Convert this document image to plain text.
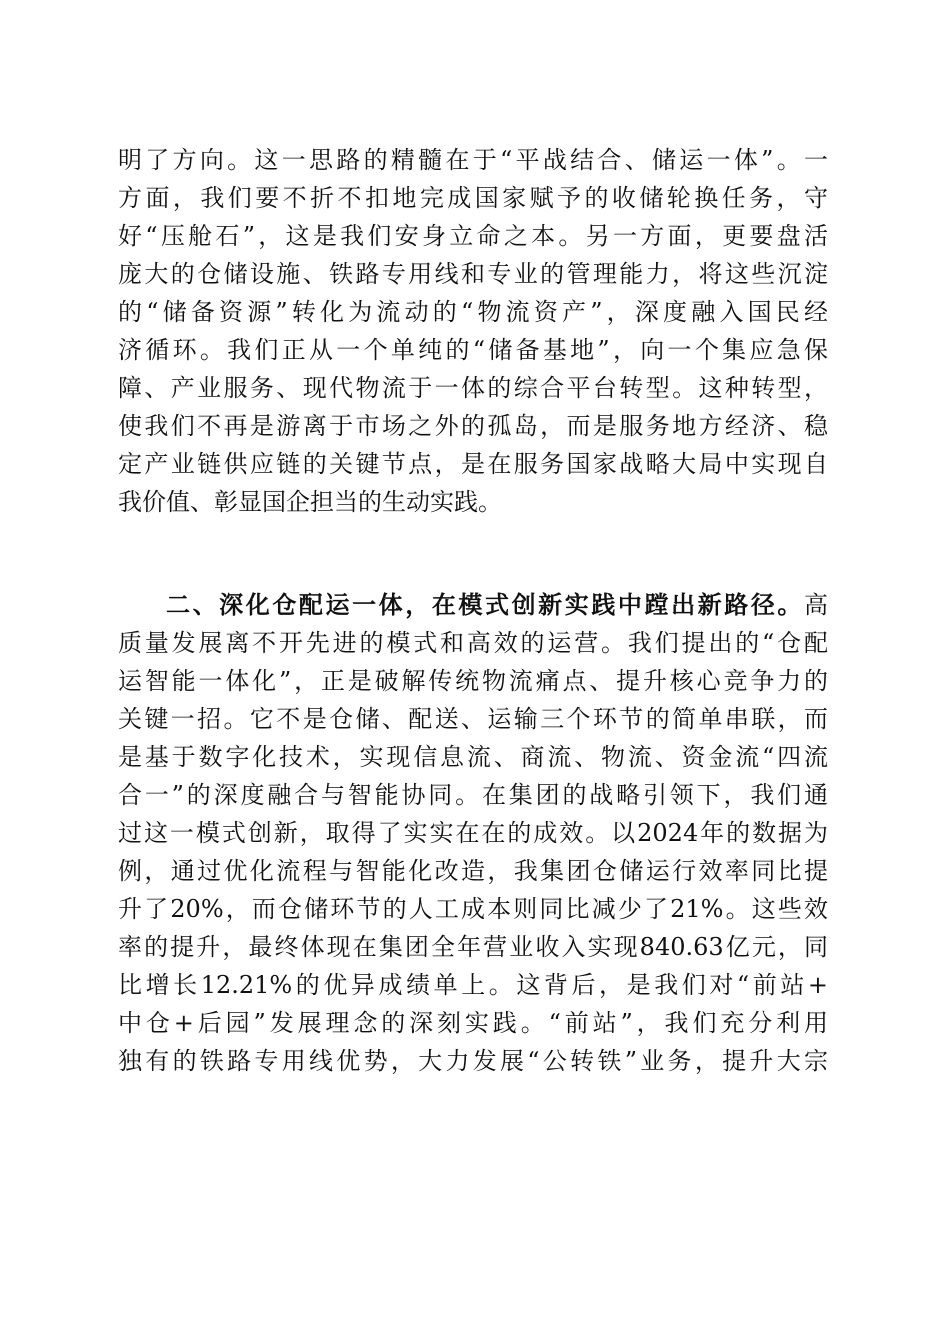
明了方向。这一思路的精髓在于“平战结合、储运一体”。一
方面，我们要不折不扣地完成国家赋予的收储轮换任务，守
好“压舱石”，这是我们安身立命之本。另一方面，更要盘活
庞大的仓储设施、铁路专用线和专业的管理能力，将这些沉淀
的“储备资源”转化为流动的“物流资产”，深度融入国民经
济循环。我们正从一个单纯的“储备基地”，向一个集应急保
障、产业服务、现代物流于一体的综合平台转型。这种转型，
使我们不再是游离于市场之外的孤岛，而是服务地方经济、稳
定产业链供应链的关键节点，是在服务国家战略大局中实现自
我价值、彰显国企担当的生动实践。
二、深化仓配运一体，在模式创新实践中蹚出新路径。高
质量发展离不开先进的模式和高效的运营。我们提出的“仓配
运智能一体化”，正是破解传统物流痛点、提升核心竞争力的
关键一招。它不是仓储、配送、运输三个环节的简单串联，而
是基于数字化技术，实现信息流、商流、物流、资金流“四流
合一”的深度融合与智能协同。在集团的战略引领下，我们通
过这一模式创新，取得了实实在在的成效。以2024年的数据为
例，通过优化流程与智能化改造，我集团仓储运行效率同比提
升了20%，而仓储环节的人工成本则同比减少了21%。这些效
率的提升，最终体现在集团全年营业收入实现840.63亿元，同
比增长12.21%的优异成绩单上。这背后，是我们对“前站+
中仓+后园”发展理念的深刻实践。“前站”，我们充分利用
独有的铁路专用线优势，大力发展“公转铁”业务，提升大宗
